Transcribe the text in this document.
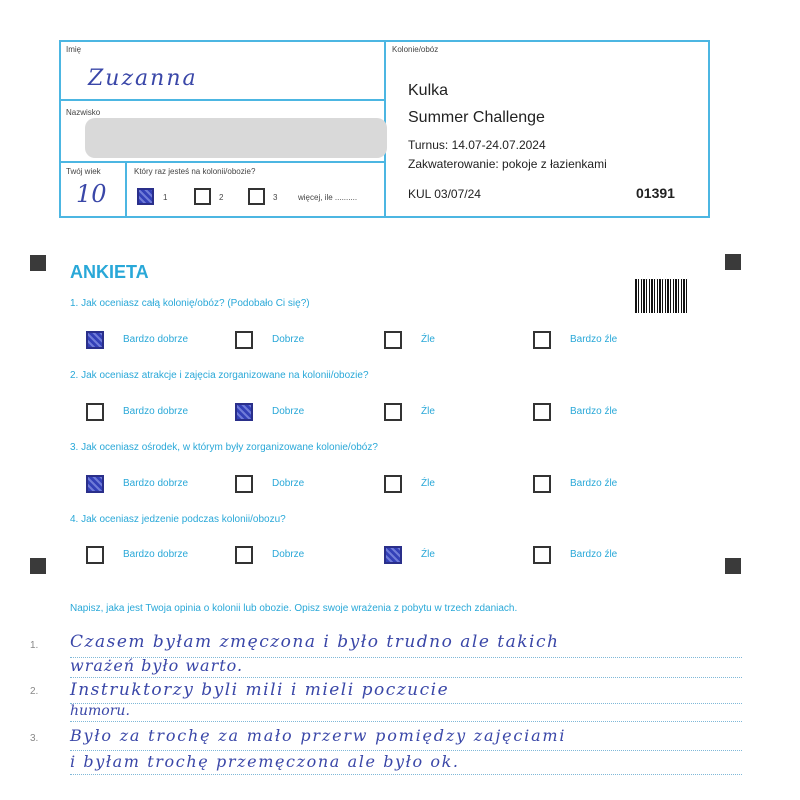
Imię
Zuzanna
Nazwisko
Twój wiek
10
Który raz jesteś na kolonii/obozie?
1	2	3	więcej, ile ..........
Kolonie/obóz
Kulka
Summer Challenge
Turnus: 14.07-24.07.2024
Zakwaterowanie: pokoje z łazienkami
KUL 03/07/24	01391
ANKIETA
1. Jak oceniasz całą kolonię/obóz? (Podobało Ci się?)
2. Jak oceniasz atrakcje i zajęcia zorganizowane na kolonii/obozie?
3. Jak oceniasz ośrodek, w którym były zorganizowane kolonie/obóz?
4. Jak oceniasz jedzenie podczas kolonii/obozu?
Bardzo dobrze	Dobrze	Źle	Bardzo źle
Bardzo dobrze	Dobrze	Źle	Bardzo źle
Bardzo dobrze	Dobrze	Źle	Bardzo źle
Bardzo dobrze	Dobrze	Źle	Bardzo źle
Napisz, jaka jest Twoja opinia o kolonii lub obozie. Opisz swoje wrażenia z pobytu w trzech zdaniach.
1.
2.
3.
Czasem byłam zmęczona i było trudno ale takich
wrażeń było warto.
Instruktorzy byli mili i mieli poczucie
humoru.
Było za trochę za mało przerw pomiędzy zajęciami
i byłam trochę przemęczona ale było ok.
